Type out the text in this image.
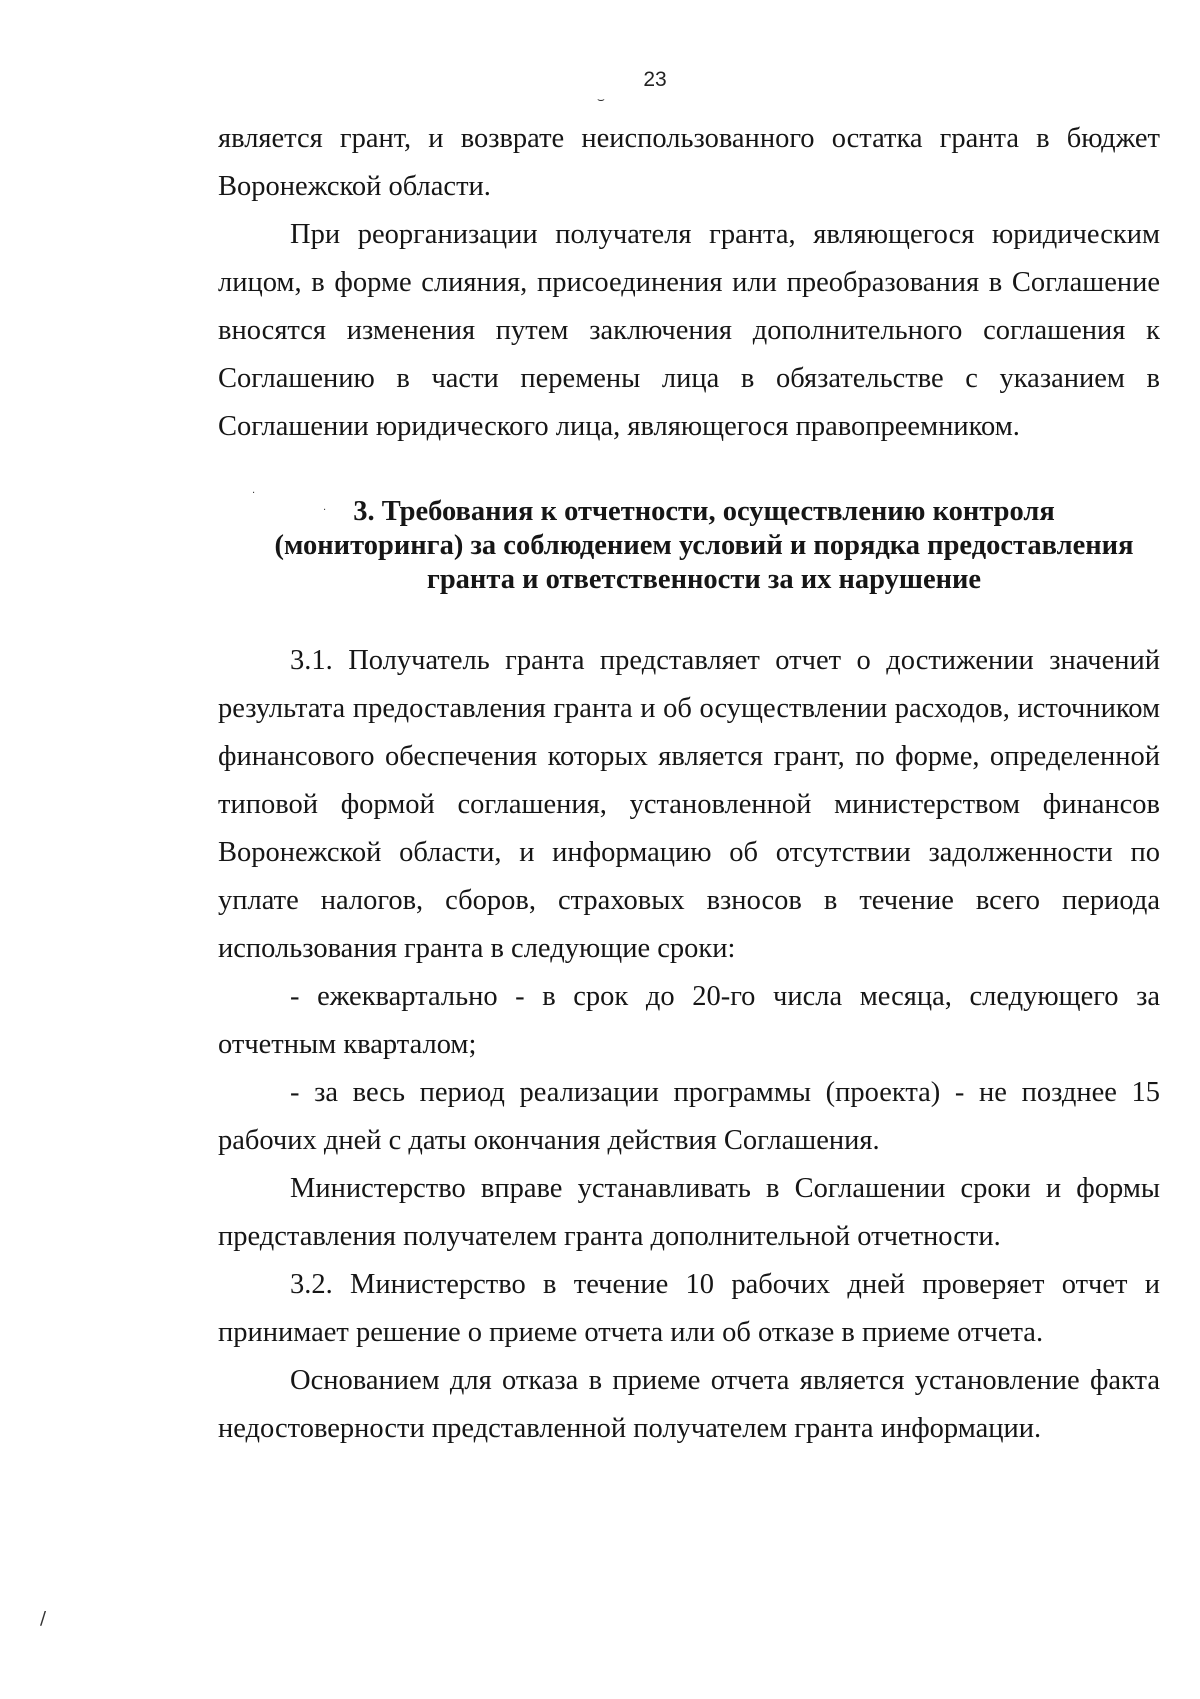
23

является грант, и возврате неиспользованного остатка гранта в бюджет Воронежской области.

При реорганизации получателя гранта, являющегося юридическим лицом, в форме слияния, присоединения или преобразования в Соглашение вносятся изменения путем заключения дополнительного соглашения к Соглашению в части перемены лица в обязательстве с указанием в Соглашении юридического лица, являющегося правопреемником.

3. Требования к отчетности, осуществлению контроля
(мониторинга) за соблюдением условий и порядка предоставления
гранта и ответственности за их нарушение

3.1. Получатель гранта представляет отчет о достижении значений результата предоставления гранта и об осуществлении расходов, источником финансового обеспечения которых является грант, по форме, определенной типовой формой соглашения, установленной министерством финансов Воронежской области, и информацию об отсутствии задолженности по уплате налогов, сборов, страховых взносов в течение всего периода использования гранта в следующие сроки:

- ежеквартально - в срок до 20-го числа месяца, следующего за отчетным кварталом;

- за весь период реализации программы (проекта) - не позднее 15 рабочих дней с даты окончания действия Соглашения.

Министерство вправе устанавливать в Соглашении сроки и формы представления получателем гранта дополнительной отчетности.

3.2. Министерство в течение 10 рабочих дней проверяет отчет и принимает решение о приеме отчета или об отказе в приеме отчета.

Основанием для отказа в приеме отчета является установление факта недостоверности представленной получателем гранта информации.

⌣
·
·
/
